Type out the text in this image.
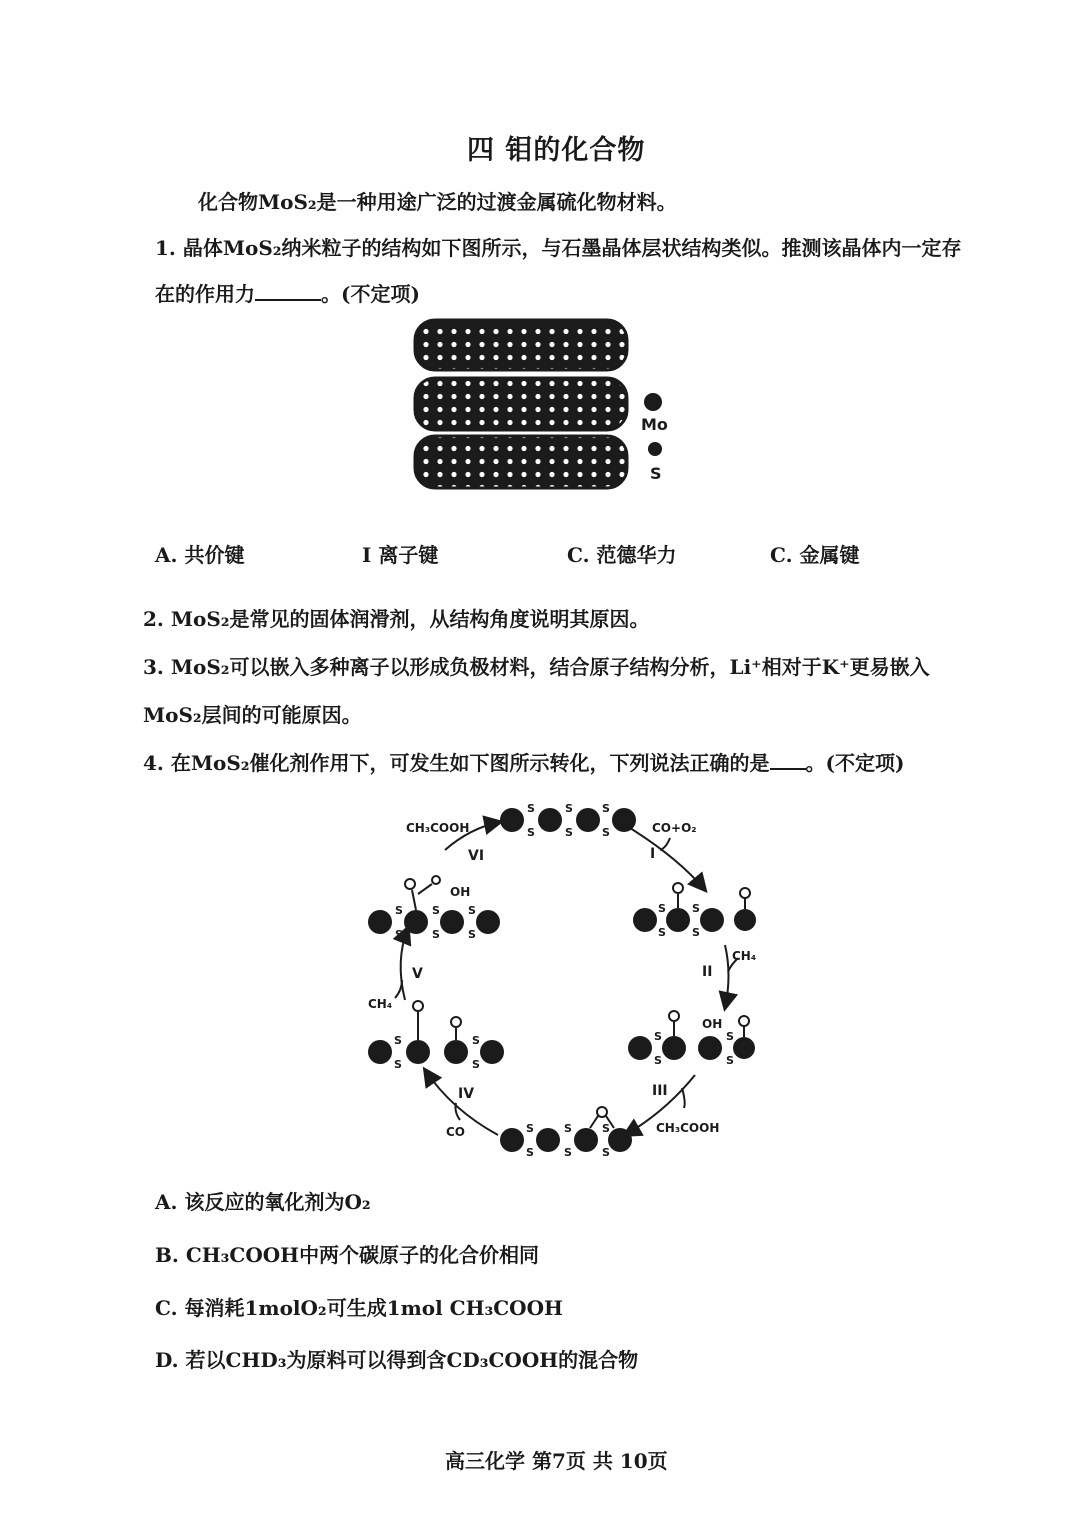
四 钼的化合物
化合物MoS₂是一种用途广泛的过渡金属硫化物材料。
1. 晶体MoS₂纳米粒子的结构如下图所示，与石墨晶体层状结构类似。推测该晶体内一定存
在的作用力	。(不定项)
Mo
S
A. 共价键	I 离子键	C. 范德华力	C. 金属键
2. MoS₂是常见的固体润滑剂，从结构角度说明其原因。
3. MoS₂可以嵌入多种离子以形成负极材料，结合原子结构分析，Li⁺相对于K⁺更易嵌入
MoS₂层间的可能原因。
4. 在MoS₂催化剂作用下，可发生如下图所示转化，下列说法正确的是 。(不定项)
S
S
S
S
S
S
S
S
S
S
S
S
S
S
OH
S
S
S
S
S
S
S
S
S
S
S
S
S
S
S
S
OH
I
II
III
IV
V
VI
CO+O₂
CH₄
CH₄
CH₃COOH
CH₃COOH
CO
A. 该反应的氧化剂为O₂
B. CH₃COOH中两个碳原子的化合价相同
C. 每消耗1molO₂可生成1mol CH₃COOH
D. 若以CHD₃为原料可以得到含CD₃COOH的混合物
高三化学 第7页 共 10页
